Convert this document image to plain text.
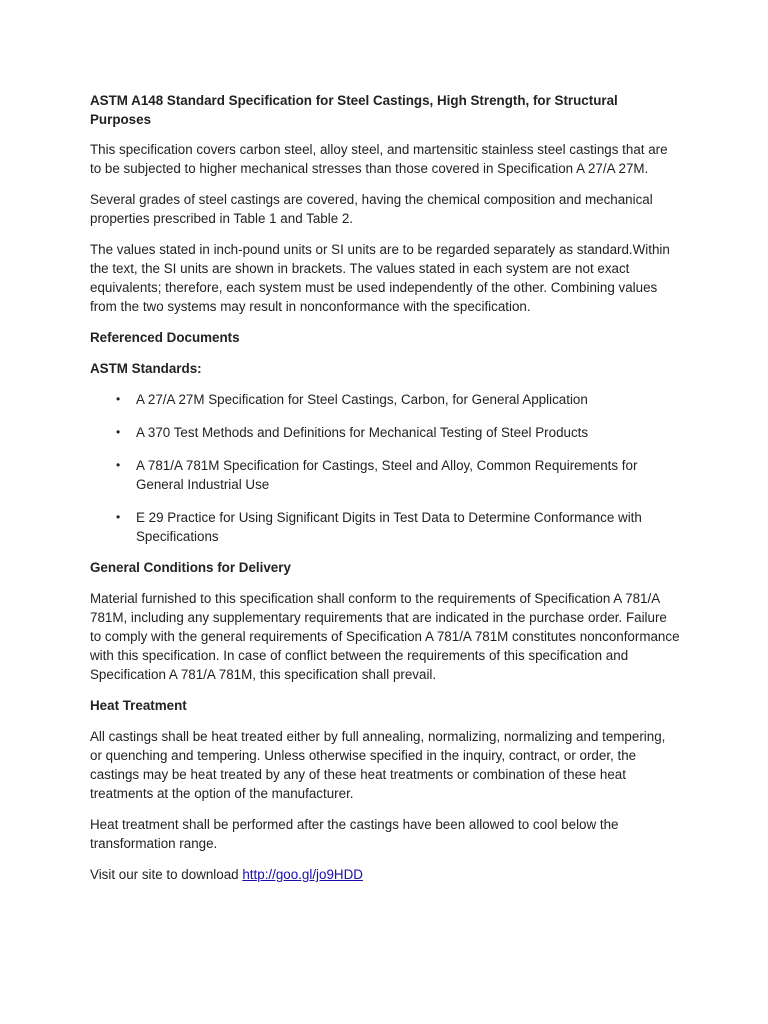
ASTM A148 Standard Specification for Steel Castings, High Strength, for Structural Purposes

This specification covers carbon steel, alloy steel, and martensitic stainless steel castings that are to be subjected to higher mechanical stresses than those covered in Specification A 27/A 27M.

Several grades of steel castings are covered, having the chemical composition and mechanical properties prescribed in Table 1 and Table 2.

The values stated in inch-pound units or SI units are to be regarded separately as standard.Within the text, the SI units are shown in brackets. The values stated in each system are not exact equivalents; therefore, each system must be used independently of the other. Combining values from the two systems may result in nonconformance with the specification.

Referenced Documents
ASTM Standards:
• A 27/A 27M Specification for Steel Castings, Carbon, for General Application
• A 370 Test Methods and Definitions for Mechanical Testing of Steel Products
• A 781/A 781M Specification for Castings, Steel and Alloy, Common Requirements for General Industrial Use
• E 29 Practice for Using Significant Digits in Test Data to Determine Conformance with Specifications
General Conditions for Delivery

Material furnished to this specification shall conform to the requirements of Specification A 781/A 781M, including any supplementary requirements that are indicated in the purchase order. Failure to comply with the general requirements of Specification A 781/A 781M constitutes nonconformance with this specification. In case of conflict between the requirements of this specification and Specification A 781/A 781M, this specification shall prevail.

Heat Treatment

All castings shall be heat treated either by full annealing, normalizing, normalizing and tempering, or quenching and tempering. Unless otherwise specified in the inquiry, contract, or order, the castings may be heat treated by any of these heat treatments or combination of these heat treatments at the option of the manufacturer.

Heat treatment shall be performed after the castings have been allowed to cool below the transformation range.

Visit our site to download http://goo.gl/jo9HDD
